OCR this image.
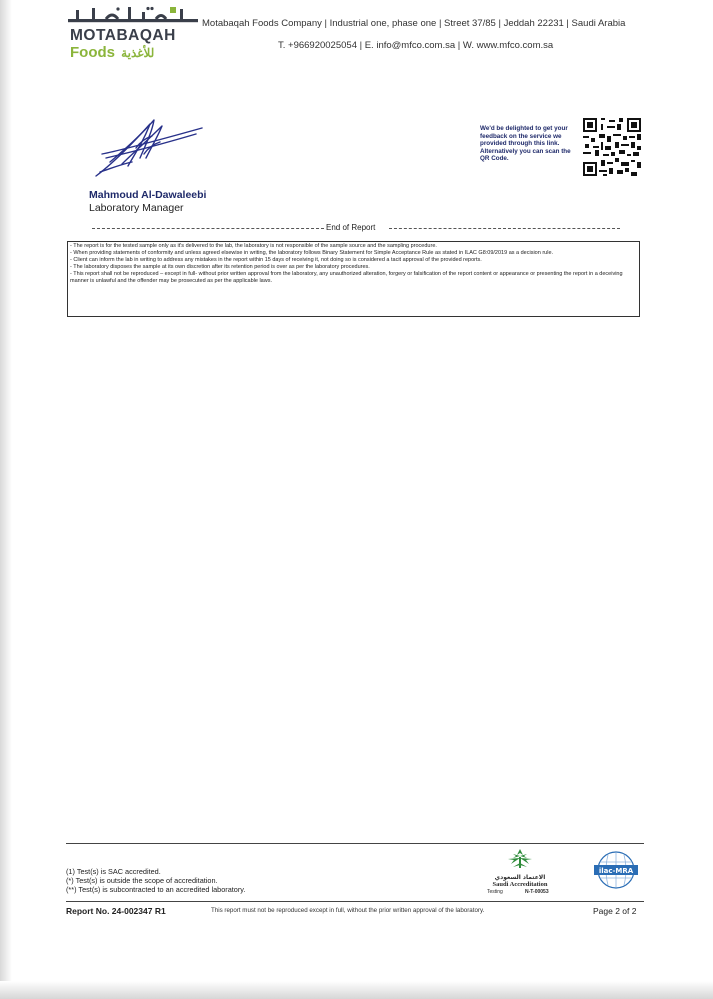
MOTABAQAH
Foods للأغذية
Motabaqah Foods Company | Industrial one, phase one | Street 37/85 | Jeddah 22231 | Saudi Arabia
T. +966920025054 | E. info@mfco.com.sa | W. www.mfco.com.sa
Mahmoud Al-Dawaleebi
Laboratory Manager
We'd be delighted to get your feedback on the service we provided through this link. Alternatively you can scan the QR Code.
End of Report

- The report is for the tested sample only as it's delivered to the lab, the laboratory is not responsible of the sample source and the sampling procedure.

- When providing statements of conformity and unless agreed elsewise in writing, the laboratory follows Binary Statement for Simple Acceptance Rule as stated in ILAC G8:09/2019 as a decision rule.

- Client can inform the lab in writing to address any mistakes in the report within 15 days of receiving it, not doing so is considered a tacit approval of the provided reports.

- The laboratory disposes the sample at its own discretion after its retention period is over as per the laboratory procedures.

- This report shall not be reproduced – except in full- without prior written approval from the laboratory, any unauthorized alteration, forgery or falsification of the report content or appearance or presenting the report in a deceiving manner is unlawful and the offender may be prosecuted as per the applicable laws.

(1) Test(s) is SAC accredited.
(*) Test(s) is outside the scope of accreditation.
(**) Test(s) is subcontracted to an accredited laboratory.
الاعتماد السعودي
Saudi Accreditation
Testing	N-T-00053
ilac-MRA
Report No. 24-002347 R1	This report must not be reproduced except in full, without the prior written approval of the laboratory.	Page 2 of 2
